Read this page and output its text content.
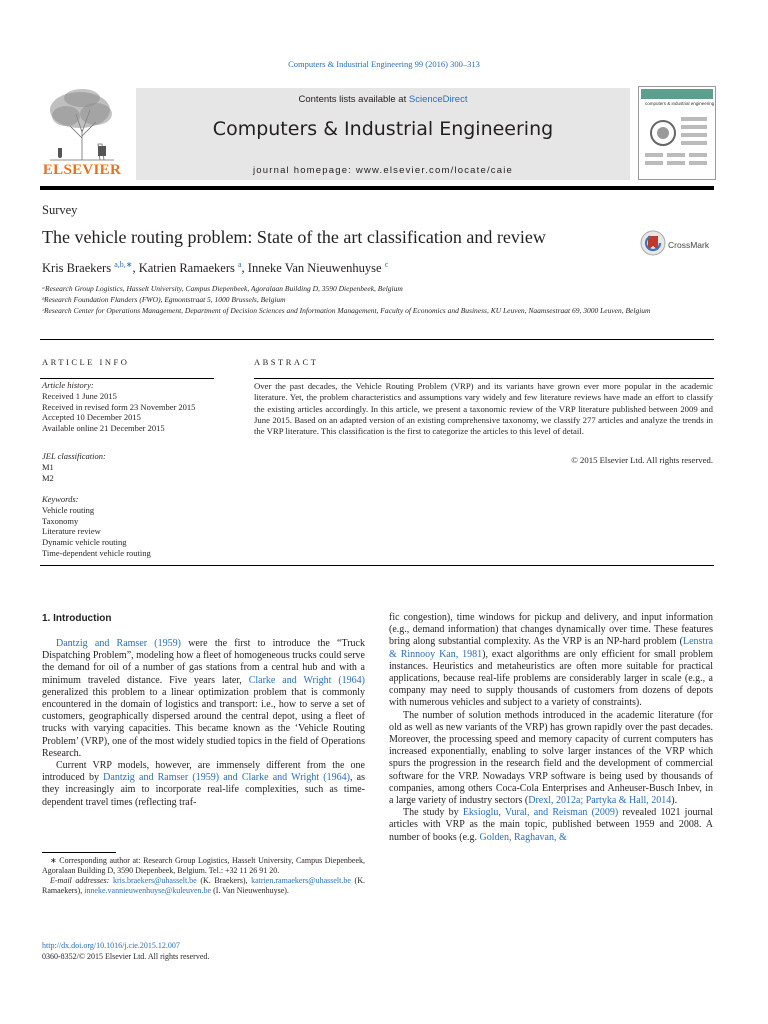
Computers & Industrial Engineering 99 (2016) 300–313
ELSEVIER
Contents lists available at ScienceDirect
Computers & Industrial Engineering
journal homepage: www.elsevier.com/locate/caie
computers & industrial engineering
Survey
The vehicle routing problem: State of the art classification and review	CrossMark
Kris Braekers $^{a,b,∗}$, Katrien Ramaekers $^a$, Inneke Van Nieuwenhuyse $^c$
ᵃResearch Group Logistics, Hasselt University, Campus Diepenbeek, Agoralaan Building D, 3590 Diepenbeek, Belgium
ᵇResearch Foundation Flanders (FWO), Egmontstraat 5, 1000 Brussels, Belgium
ᶜResearch Center for Operations Management, Department of Decision Sciences and Information Management, Faculty of Economics and Business, KU Leuven, Naamsestraat 69, 3000 Leuven, Belgium
ARTICLE INFO	ABSTRACT
Article history:
Received 1 June 2015
Received in revised form 23 November 2015
Accepted 10 December 2015
Available online 21 December 2015
JEL classification:
M1
M2
Keywords:
Vehicle routing
Taxonomy
Literature review
Dynamic vehicle routing
Time-dependent vehicle routing
Over the past decades, the Vehicle Routing Problem (VRP) and its variants have grown ever more popular in the academic literature. Yet, the problem characteristics and assumptions vary widely and few literature reviews have made an effort to classify the existing articles accordingly. In this article, we present a taxonomic review of the VRP literature published between 2009 and June 2015. Based on an adapted version of an existing comprehensive taxonomy, we classify 277 articles and analyze the trends in the VRP literature. This classification is the first to categorize the articles to this level of detail.
© 2015 Elsevier Ltd. All rights reserved.
1. Introduction

Dantzig and Ramser (1959) were the first to introduce the “Truck Dispatching Problem”, modeling how a fleet of homogeneous trucks could serve the demand for oil of a number of gas stations from a central hub and with a minimum traveled distance. Five years later, Clarke and Wright (1964) generalized this problem to a linear optimization problem that is commonly encountered in the domain of logistics and transport: i.e., how to serve a set of customers, geographically dispersed around the central depot, using a fleet of trucks with varying capacities. This became known as the ‘Vehicle Routing Problem’ (VRP), one of the most widely studied topics in the field of Operations Research.

Current VRP models, however, are immensely different from the one introduced by Dantzig and Ramser (1959) and Clarke and Wright (1964), as they increasingly aim to incorporate real-life complexities, such as time-dependent travel times (reflecting traf-

fic congestion), time windows for pickup and delivery, and input information (e.g., demand information) that changes dynamically over time. These features bring along substantial complexity. As the VRP is an NP-hard problem (Lenstra & Rinnooy Kan, 1981), exact algorithms are only efficient for small problem instances. Heuristics and metaheuristics are often more suitable for practical applications, because real-life problems are considerably larger in scale (e.g., a company may need to supply thousands of customers from dozens of depots with numerous vehicles and subject to a variety of constraints).

The number of solution methods introduced in the academic literature (for old as well as new variants of the VRP) has grown rapidly over the past decades. Moreover, the processing speed and memory capacity of current computers has increased exponentially, enabling to solve larger instances of the VRP which spurs the progression in the research field and the development of commercial software for the VRP. Nowadays VRP software is being used by thousands of companies, among others Coca-Cola Enterprises and Anheuser-Busch Inbev, in a large variety of industry sectors (Drexl, 2012a; Partyka & Hall, 2014).

The study by Eksioglu, Vural, and Reisman (2009) revealed 1021 journal articles with VRP as the main topic, published between 1959 and 2008. A number of books (e.g. Golden, Raghavan, &

∗ Corresponding author at: Research Group Logistics, Hasselt University, Campus Diepenbeek, Agoralaan Building D, 3590 Diepenbeek, Belgium. Tel.: +32 11 26 91 20.
E-mail addresses: kris.braekers@uhasselt.be (K. Braekers), katrien.ramaekers@uhasselt.be (K. Ramaekers), inneke.vannieuwenhuyse@kuleuven.be (I. Van Nieuwenhuyse).
http://dx.doi.org/10.1016/j.cie.2015.12.007
0360-8352/© 2015 Elsevier Ltd. All rights reserved.
